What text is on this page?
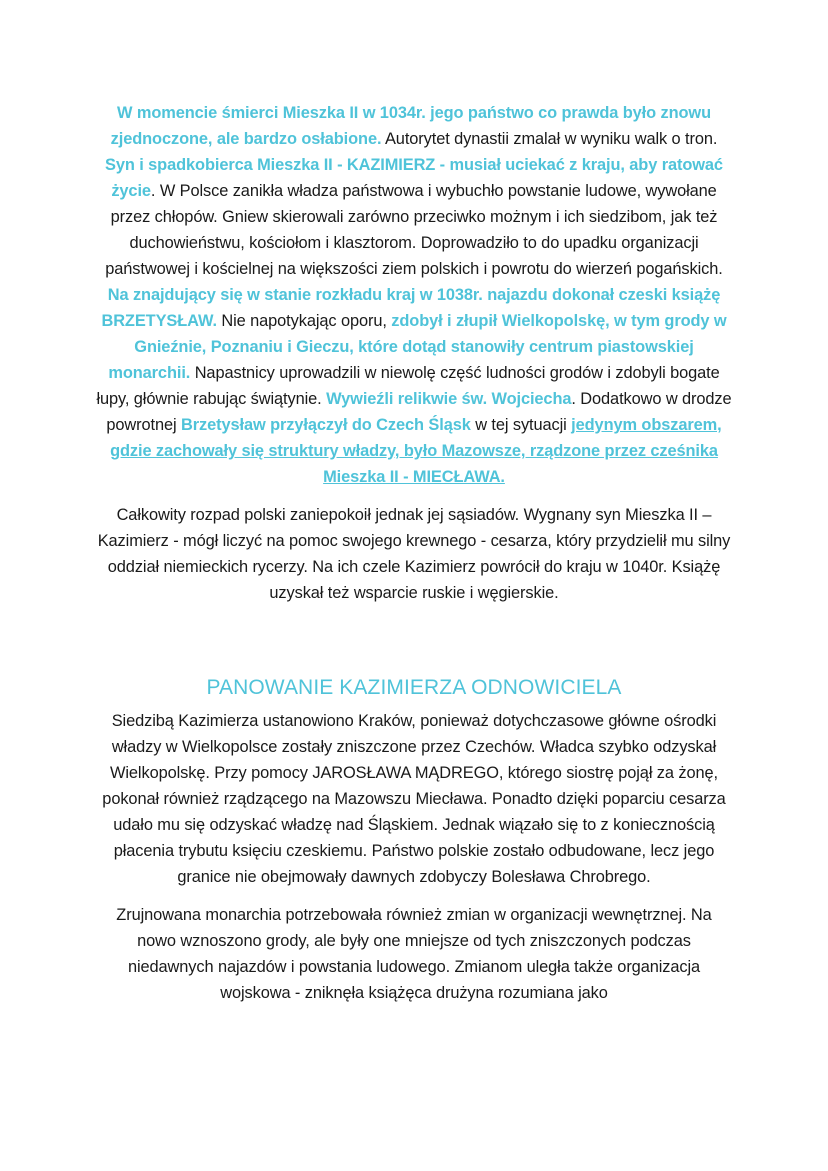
W momencie śmierci Mieszka II w 1034r. jego państwo co prawda było znowu zjednoczone, ale bardzo osłabione. Autorytet dynastii zmalał w wyniku walk o tron. Syn i spadkobierca Mieszka II - KAZIMIERZ - musiał uciekać z kraju, aby ratować życie. W Polsce zanikła władza państwowa i wybuchło powstanie ludowe, wywołane przez chłopów. Gniew skierowali zarówno przeciwko możnym i ich siedzibom, jak też duchowieństwu, kościołom i klasztorom. Doprowadziło to do upadku organizacji państwowej i kościelnej na większości ziem polskich i powrotu do wierzeń pogańskich. Na znajdujący się w stanie rozkładu kraj w 1038r. najazdu dokonał czeski książę BRZETYSŁAW. Nie napotykając oporu, zdobył i złupił Wielkopolskę, w tym grody w Gnieźnie, Poznaniu i Gieczu, które dotąd stanowiły centrum piastowskiej monarchii. Napastnicy uprowadzili w niewolę część ludności grodów i zdobyli bogate łupy, głównie rabując świątynie. Wywieźli relikwie św. Wojciecha. Dodatkowo w drodze powrotnej Brzetysław przyłączył do Czech Śląsk w tej sytuacji jedynym obszarem, gdzie zachowały się struktury władzy, było Mazowsze, rządzone przez cześnika Mieszka II - MIECŁAWA.

Całkowity rozpad polski zaniepokoił jednak jej sąsiadów. Wygnany syn Mieszka II – Kazimierz - mógł liczyć na pomoc swojego krewnego - cesarza, który przydzielił mu silny oddział niemieckich rycerzy. Na ich czele Kazimierz powrócił do kraju w 1040r. Książę uzyskał też wsparcie ruskie i węgierskie.

PANOWANIE KAZIMIERZA ODNOWICIELA

Siedzibą Kazimierza ustanowiono Kraków, ponieważ dotychczasowe główne ośrodki władzy w Wielkopolsce zostały zniszczone przez Czechów. Władca szybko odzyskał Wielkopolskę. Przy pomocy JAROSŁAWA MĄDREGO, którego siostrę pojął za żonę, pokonał również rządzącego na Mazowszu Miecława. Ponadto dzięki poparciu cesarza udało mu się odzyskać władzę nad Śląskiem. Jednak wiązało się to z koniecznością płacenia trybutu księciu czeskiemu. Państwo polskie zostało odbudowane, lecz jego granice nie obejmowały dawnych zdobyczy Bolesława Chrobrego.

Zrujnowana monarchia potrzebowała również zmian w organizacji wewnętrznej. Na nowo wznoszono grody, ale były one mniejsze od tych zniszczonych podczas niedawnych najazdów i powstania ludowego. Zmianom uległa także organizacja wojskowa - zniknęła książęca drużyna rozumiana jako
